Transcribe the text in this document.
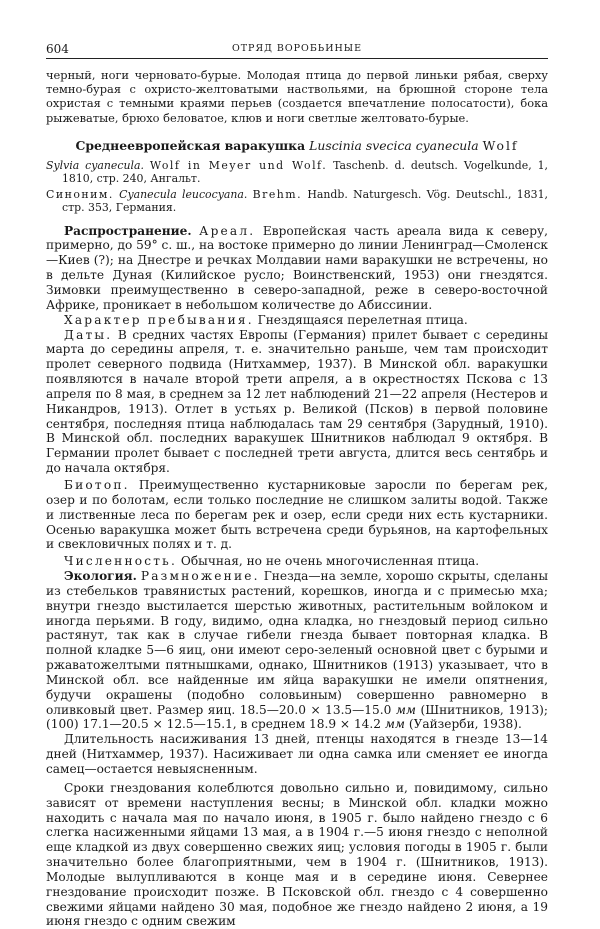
604	ОТРЯД ВОРОБЬИНЫЕ
черный, ноги черновато-бурые. Молодая птица до первой линьки рябая, сверху темно-бурая с охристо-желтоватыми наствольями, на брюшной стороне тела охристая с темными краями перьев (создается впечатление полосатости), бока рыжеватые, брюхо беловатое, клюв и ноги светлые желтовато-бурые.
Среднеевропейская варакушка Luscinia svecica cyanecula Wolf
Sylvia cyanecula. Wolf in Meyer und Wolf. Taschenb. d. deutsch. Vogelkunde, 1, 1810, стр. 240, Ангальт.
Синоним. Cyanecula leucocyana. Brehm. Handb. Naturgesch. Vög. Deutschl., 1831, стр. 353, Германия.

Распространение. Ареал. Европейская часть ареала вида к северу, примерно, до 59° с. ш., на востоке примерно до линии Ленинград—Смоленск—Киев (?); на Днестре и речках Молдавии нами варакушки не встречены, но в дельте Дуная (Килийское русло; Воинственский, 1953) они гнездятся. Зимовки преимущественно в северо-западной, реже в северо-восточной Африке, проникает в небольшом количестве до Абиссинии.

Характер пребывания. Гнездящаяся перелетная птица.

Даты. В средних частях Европы (Германия) прилет бывает с середины марта до середины апреля, т. е. значительно раньше, чем там происходит пролет северного подвида (Нитхаммер, 1937). В Минской обл. варакушки появляются в начале второй трети апреля, а в окрестностях Пскова с 13 апреля по 8 мая, в среднем за 12 лет наблюдений 21—22 апреля (Нестеров и Никандров, 1913). Отлет в устьях р. Великой (Псков) в первой половине сентября, последняя птица наблюдалась там 29 сентября (Зарудный, 1910). В Минской обл. последних варакушек Шнитников наблюдал 9 октября. В Германии пролет бывает с последней трети августа, длится весь сентябрь и до начала октября.

Биотоп. Преимущественно кустарниковые заросли по берегам рек, озер и по болотам, если только последние не слишком залиты водой. Также и лиственные леса по берегам рек и озер, если среди них есть кустарники. Осенью варакушка может быть встречена среди бурьянов, на картофельных и свекловичных полях и т. д.

Численность. Обычная, но не очень многочисленная птица.

Экология. Размножение. Гнезда—на земле, хорошо скрыты, сделаны из стебельков травянистых растений, корешков, иногда и с примесью мха; внутри гнездо выстилается шерстью животных, растительным войлоком и иногда перьями. В году, видимо, одна кладка, но гнездовый период сильно растянут, так как в случае гибели гнезда бывает повторная кладка. В полной кладке 5—6 яиц, они имеют серо-зеленый основной цвет с бурыми и ржаватожелтыми пятнышками, однако, Шнитников (1913) указывает, что в Минской обл. все найденные им яйца варакушки не имели опятнения, будучи окрашены (подобно соловьиным) совершенно равномерно в оливковый цвет. Размер яиц. 18.5—20.0 × 13.5—15.0 мм (Шнитников, 1913); (100) 17.1—20.5 × 12.5—15.1, в среднем 18.9 × 14.2 мм (Уайзерби, 1938).

Длительность насиживания 13 дней, птенцы находятся в гнезде 13—14 дней (Нитхаммер, 1937). Насиживает ли одна самка или сменяет ее иногда самец—остается невыясненным.

Сроки гнездования колеблются довольно сильно и, повидимому, сильно зависят от времени наступления весны; в Минской обл. кладки можно находить с начала мая по начало июня, в 1905 г. было найдено гнездо с 6 слегка насиженными яйцами 13 мая, а в 1904 г.—5 июня гнездо с неполной еще кладкой из двух совершенно свежих яиц; условия погоды в 1905 г. были значительно более благоприятными, чем в 1904 г. (Шнитников, 1913). Молодые вылупливаются в конце мая и в середине июня. Севернее гнездование происходит позже. В Псковской обл. гнездо с 4 совершенно свежими яйцами найдено 30 мая, подобное же гнездо найдено 2 июня, а 19 июня гнездо с одним свежим
